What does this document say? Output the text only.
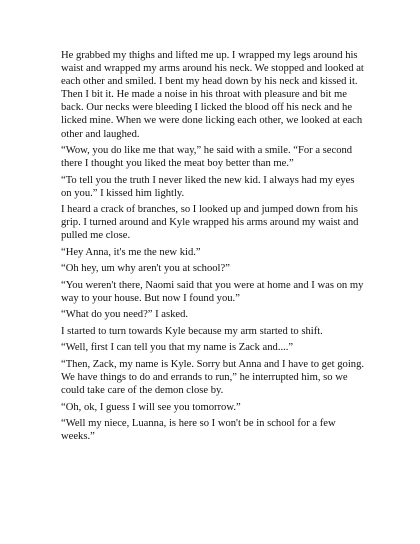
He grabbed my thighs and lifted me up. I wrapped my legs around his waist and wrapped my arms around his neck. We stopped and looked at each other and smiled. I bent my head down by his neck and kissed it. Then I bit it. He made a noise in his throat with pleasure and bit me back. Our necks were bleeding I licked the blood off his neck and he licked mine. When we were done licking each other, we looked at each other and laughed.

“Wow, you do like me that way,” he said with a smile. “For a second there I thought you liked the meat boy better than me.”

“To tell you the truth I never liked the new kid. I always had my eyes on you.” I kissed him lightly.

I heard a crack of branches, so I looked up and jumped down from his grip. I turned around and Kyle wrapped his arms around my waist and pulled me close.

“Hey Anna, it's me the new kid.”

“Oh hey, um why aren't you at school?”

“You weren't there, Naomi said that you were at home and I was on my way to your house. But now I found you.”

“What do you need?” I asked.

I started to turn towards Kyle because my arm started to shift.

“Well, first I can tell you that my name is Zack and....”

“Then, Zack, my name is Kyle. Sorry but Anna and I have to get going. We have things to do and errands to run,” he interrupted him, so we could take care of the demon close by.

“Oh, ok, I guess I will see you tomorrow.”

“Well my niece, Luanna, is here so I won't be in school for a few weeks.”
